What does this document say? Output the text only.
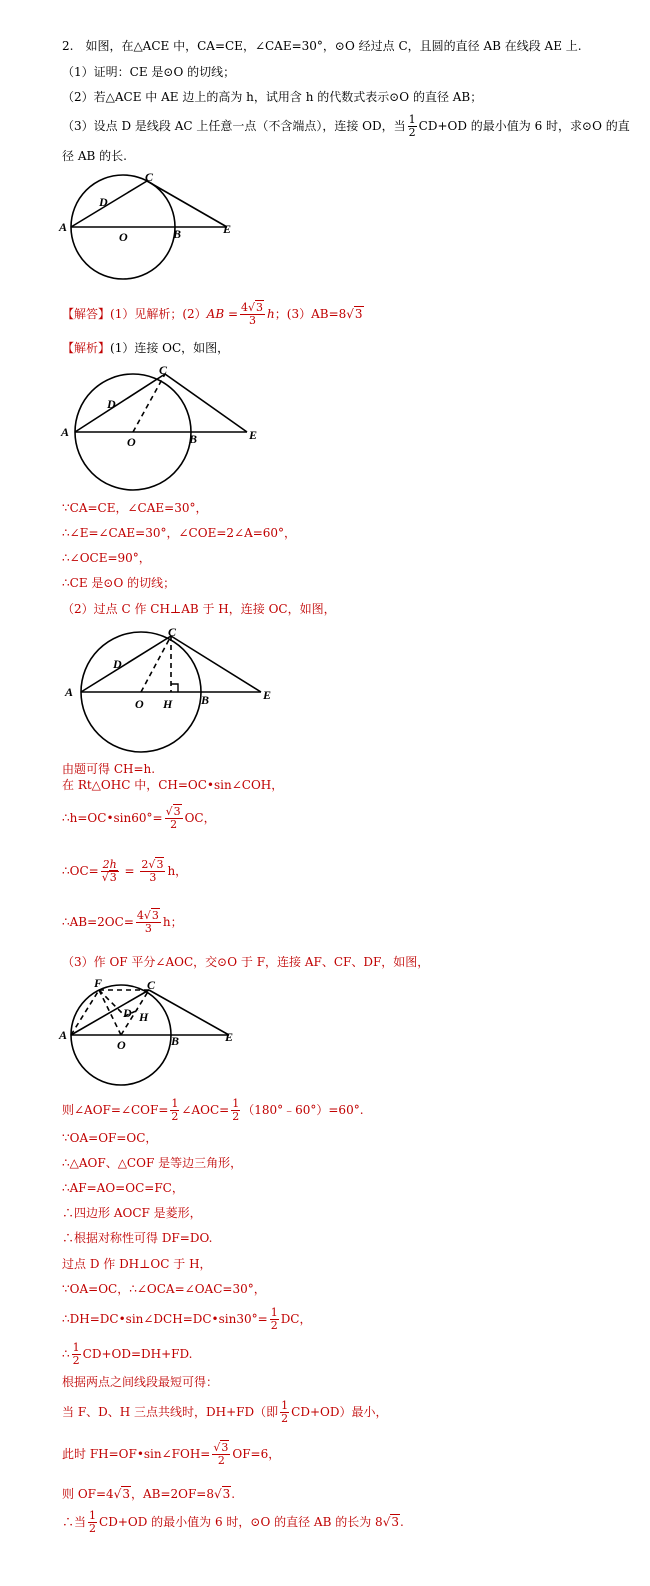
2.　如图，在△ACE 中，CA=CE，∠CAE=30°，⊙O 经过点 C，且圆的直径 AB 在线段 AE 上.
（1）证明：CE 是⊙O 的切线；
（2）若△ACE 中 AE 边上的高为 h，试用含 h 的代数式表示⊙O 的直径 AB；
（3）设点 D 是线段 AC 上任意一点（不含端点），连接 OD，当 $\frac{1}{2} CD+OD$ 的最小值为 6 时，求⊙O 的直
径 AB 的长.
A
C
D
O	B	E
【解答】(1）见解析；$(2)AB = \frac{4√3}{3}$ h；(3）AB=8√3
【解析】(1）连接 OC，如图，
A
C
D
O	B	E
∵CA=CE，∠CAE=30°，
∴∠E=∠CAE=30°，∠COE=2∠A=60°，
∴∠OCE=90°，
∴CE 是⊙O 的切线；
（2）过点 C 作 CH⊥AB 于 H，连接 OC，如图，
A
C
D
O H B	E
由题可得 CH=h.
在 Rt△OHC 中，CH=OC•sin∠COH，
∴h=OC•sin60°= $\frac{√3}{2}$ OC，
∴OC= $\frac{2h}{√3} = \frac{2√3}{3}$ h，
∴AB=2OC= $\frac{4√3}{3}$ h；
（3）作 OF 平分∠AOC，交⊙O 于 F，连接 AF、CF、DF，如图，
A
F	C
D H
O	B	E
则∠AOF=∠COF= $\frac{1}{2}$ ∠AOC= $\frac{1}{2}$ （180°﹣60°）=60°.
∵OA=OF=OC，
∴△AOF、△COF 是等边三角形，
∴AF=AO=OC=FC，
∴四边形 AOCF 是菱形，
∴根据对称性可得 DF=DO.
过点 D 作 DH⊥OC 于 H，
∵OA=OC，∴∠OCA=∠OAC=30°，
∴DH=DC•sin∠DCH=DC•sin30°= $\frac{1}{2}$ DC，
∴ $\frac{1}{2} CD+OD=DH+FD$.
根据两点之间线段最短可得：
当 F、D、H 三点共线时，DH+FD（即 $\frac{1}{2} CD+OD$）最小，
此时 FH=OF•sin∠FOH= $\frac{√3}{2} OF=6$，
则 OF=4√3，AB=2OF=8√3.
∴当 $\frac{1}{2} CD+OD$ 的最小值为 6 时，⊙O 的直径 AB 的长为 8√3.
